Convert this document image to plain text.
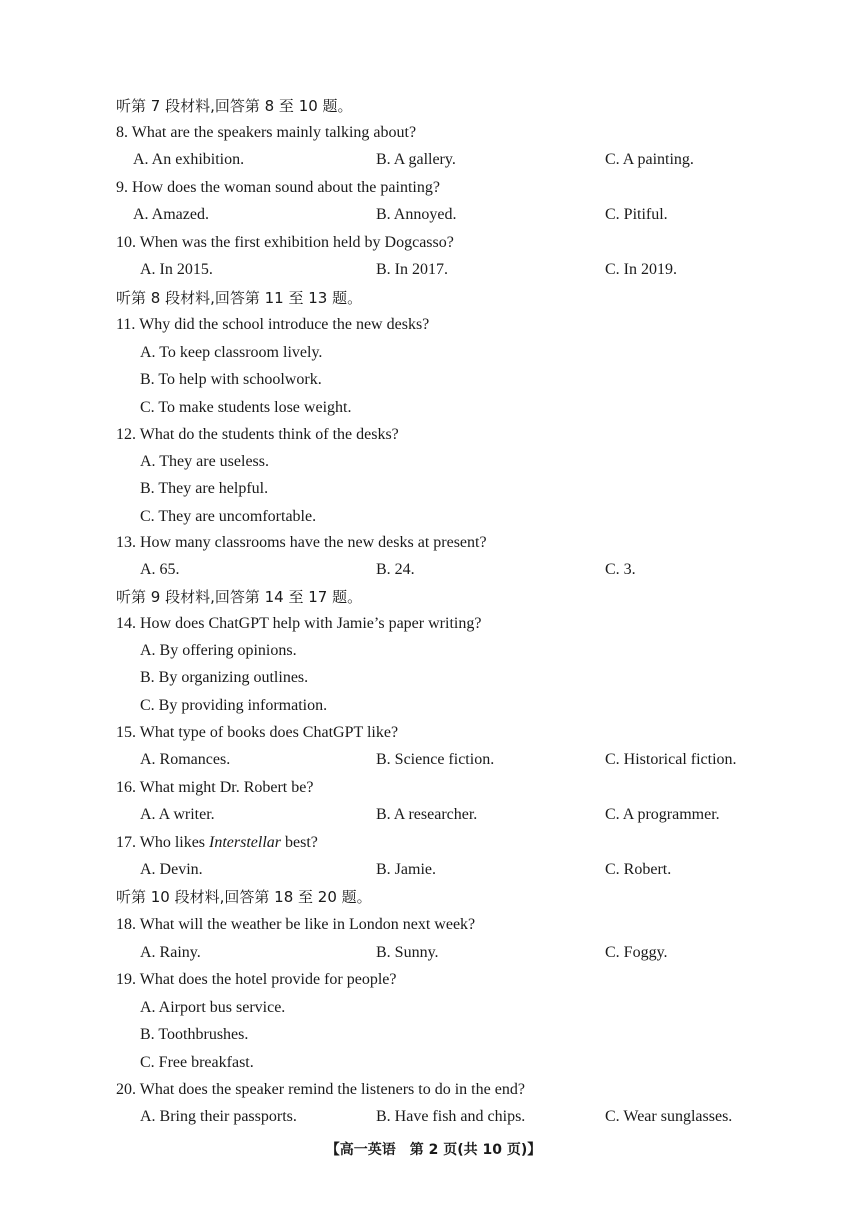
听第 7 段材料,回答第 8 至 10 题。
8. What are the speakers mainly talking about?
A. An exhibition.	B. A gallery.	C. A painting.
9. How does the woman sound about the painting?
A. Amazed.	B. Annoyed.	C. Pitiful.
10. When was the first exhibition held by Dogcasso?
A. In 2015.	B. In 2017.	C. In 2019.
听第 8 段材料,回答第 11 至 13 题。
11. Why did the school introduce the new desks?
A. To keep classroom lively.
B. To help with schoolwork.
C. To make students lose weight.
12. What do the students think of the desks?
A. They are useless.
B. They are helpful.
C. They are uncomfortable.
13. How many classrooms have the new desks at present?
A. 65.	B. 24.	C. 3.
听第 9 段材料,回答第 14 至 17 题。
14. How does ChatGPT help with Jamie’s paper writing?
A. By offering opinions.
B. By organizing outlines.
C. By providing information.
15. What type of books does ChatGPT like?
A. Romances.	B. Science fiction.	C. Historical fiction.
16. What might Dr. Robert be?
A. A writer.	B. A researcher.	C. A programmer.
17. Who likes Interstellar best?
A. Devin.	B. Jamie.	C. Robert.
听第 10 段材料,回答第 18 至 20 题。
18. What will the weather be like in London next week?
A. Rainy.	B. Sunny.	C. Foggy.
19. What does the hotel provide for people?
A. Airport bus service.
B. Toothbrushes.
C. Free breakfast.
20. What does the speaker remind the listeners to do in the end?
A. Bring their passports.	B. Have fish and chips.	C. Wear sunglasses.
【高一英语　第 2 页(共 10 页)】
